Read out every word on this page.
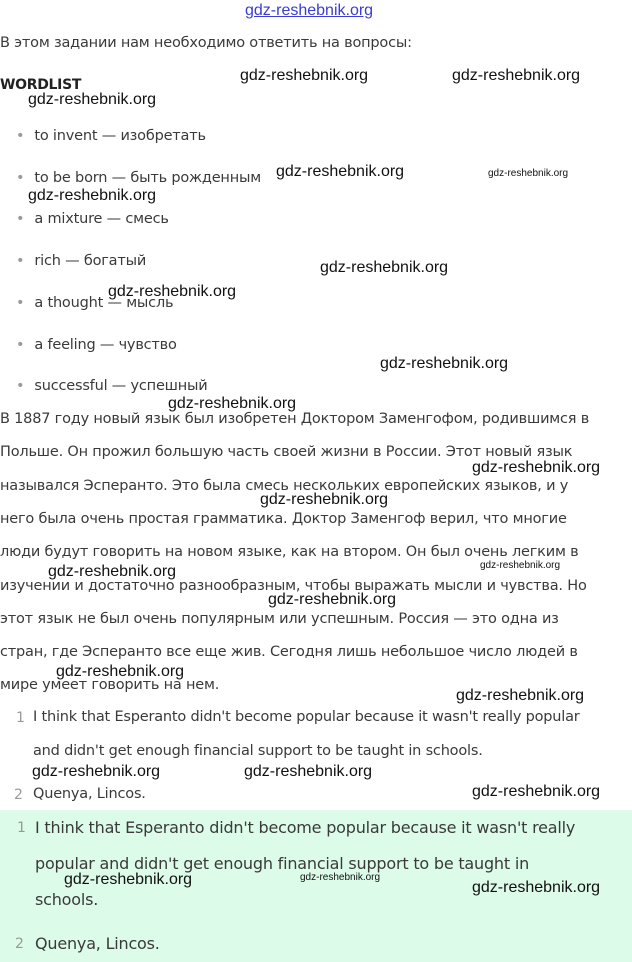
gdz-reshebnik.org
В этом задании нам необходимо ответить на вопросы:
WORDLIST
• to invent — изобретать
• to be born — быть рожденным
• a mixture — смесь
• rich — богатый
• a thought — мысль
• a feeling — чувство
• successful — успешный
В 1887 году новый язык был изобретен Доктором Заменгофом, родившимся в
Польше. Он прожил большую часть своей жизни в России. Этот новый язык
назывался Эсперанто. Это была смесь нескольких европейских языков, и у
него была очень простая грамматика. Доктор Заменгоф верил, что многие
люди будут говорить на новом языке, как на втором. Он был очень легким в
изучении и достаточно разнообразным, чтобы выражать мысли и чувства. Но
этот язык не был очень популярным или успешным. Россия — это одна из
стран, где Эсперанто все еще жив. Сегодня лишь небольшое число людей в
мире умеет говорить на нем.
1 I think that Esperanto didn't become popular because it wasn't really popular
and didn't get enough financial support to be taught in schools.
2 Quenya, Lincos.
1 I think that Esperanto didn't become popular because it wasn't really
popular and didn't get enough financial support to be taught in
schools.
2 Quenya, Lincos.
gdz-reshebnik.org	gdz-reshebnik.org
gdz-reshebnik.org
gdz-reshebnik.org	gdz-reshebnik.org
gdz-reshebnik.org
gdz-reshebnik.org
gdz-reshebnik.org
gdz-reshebnik.org
gdz-reshebnik.org
gdz-reshebnik.org
gdz-reshebnik.org
gdz-reshebnik.org
gdz-reshebnik.org
gdz-reshebnik.org
gdz-reshebnik.org
gdz-reshebnik.org
gdz-reshebnik.org	gdz-reshebnik.org
gdz-reshebnik.org
gdz-reshebnik.org	gdz-reshebnik.org
gdz-reshebnik.org
